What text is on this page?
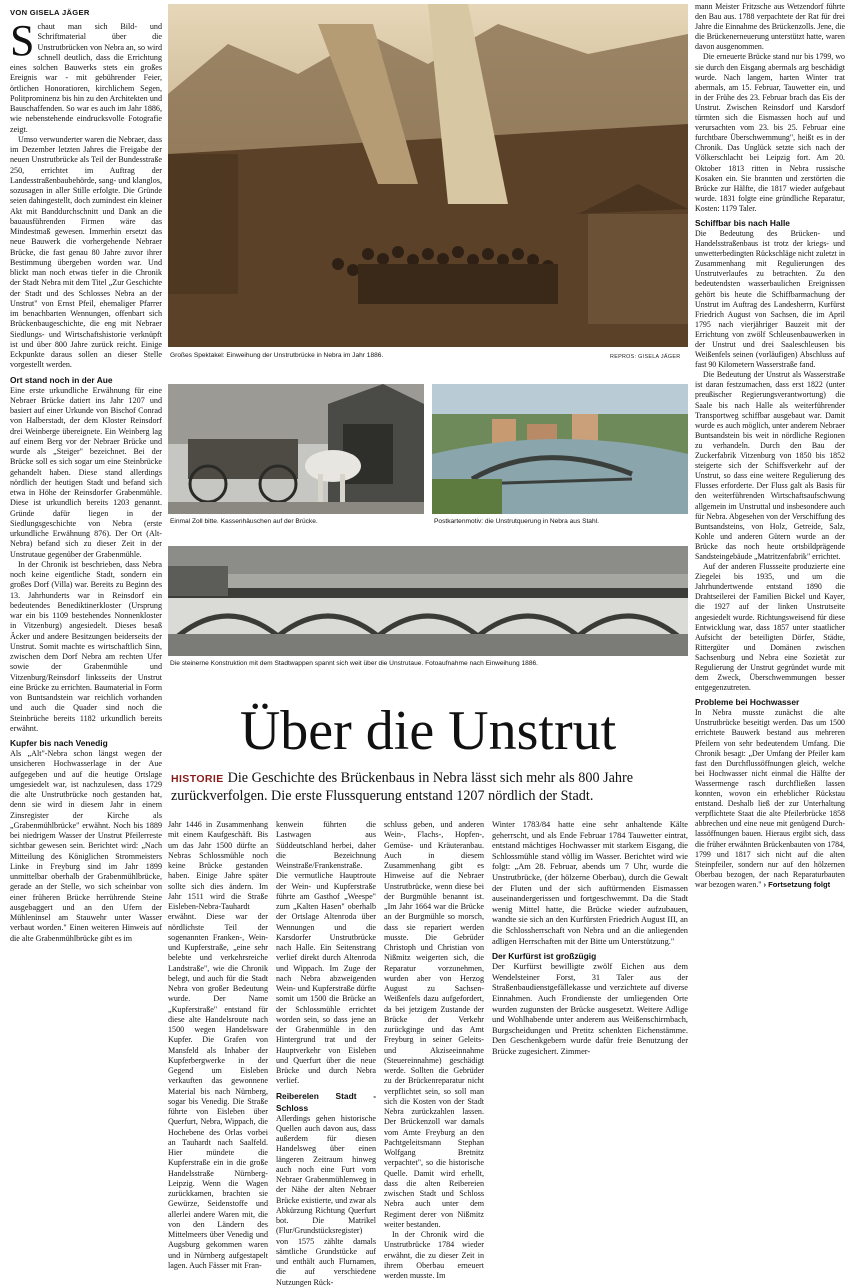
VON GISELA JÄGER

Schaut man sich Bild- und Schriftmaterial über die Unstrutbrücken von Nebra an, so wird schnell deutlich, dass die Errichtung eines solchen Bauwerks stets ein großes Ereignis war - mit gebührender Feier, örtlichen Honoratioren, kirchlichem Segen, Politprominenz bis hin zu den Architekten und Bauschaffenden. So war es auch im Jahr 1886, wie nebenstehende eindrucksvolle Fotografie zeigt.

Umso verwunderter waren die Nebraer, dass im Dezember letzten Jahres die Freigabe der neuen Unstrutbrücke als Teil der Bundesstraße 250, errichtet im Auftrag der Landesstraßenbaubehörde, sang- und klanglos, sozusagen in aller Stille erfolgte. Die Gründe seien dahingestellt, doch zumindest ein kleiner Akt mit Banddurchschnitt und Dank an die bauausführenden Firmen wäre das Mindestmaß gewesen. Immerhin ersetzt das neue Bauwerk die vorhergehende Nebraer Brücke, die fast genau 80 Jahre zuvor ihrer Bestimmung übergeben worden war. Und blickt man noch etwas tiefer in die Chronik der Stadt Nebra mit dem Titel „Zur Geschichte der Stadt und des Schlosses Nebra an der Unstrut" von Ernst Pfeil, ehemaliger Pfarrer im benachbarten Wennungen, offenbart sich Brückenbaugeschichte, die eng mit Nebraer Siedlungs- und Wirtschaftshistorie verknüpft ist und über 800 Jahre zurück reicht. Einige Eckpunkte daraus sollen an dieser Stelle vorgestellt werden.

Ort stand noch in der Aue

Eine erste urkundliche Erwähnung für eine Nebraer Brücke datiert ins Jahr 1207 und basiert auf einer Urkunde von Bischof Conrad von Halberstadt, der dem Kloster Reinsdorf drei Weinberge übereignete. Ein Weinberg lag auf einem Berg vor der Nebraer Brücke und wurde als „Steiger" bezeichnet. Bei der Brücke soll es sich sogar um eine Steinbrücke gehandelt haben. Diese stand allerdings nördlich der heutigen Stadt und befand sich etwa in Höhe der Reinsdorfer Grabenmühle. Diese ist urkundlich bereits 1203 genannt. Gründe dafür liegen in der Siedlungsgeschichte von Nebra (erste urkundliche Erwähnung 876). Der Ort (Alt-Nebra) befand sich zu dieser Zeit in der Unstrutaue gegenüber der Grabenmühle.

In der Chronik ist beschrieben, dass Nebra noch keine eigentliche Stadt, sondern ein großes Dorf (Villa) war. Bereits zu Beginn des 13. Jahrhunderts war in Reinsdorf ein bedeutendes Benediktinerkloster (Ursprung war ein bis 1109 bestehendes Nonnenkloster in Vitzenburg) angesiedelt. Dieses besaß Äcker und andere Besitzungen beiderseits der Unstrut. Somit machte es wirtschaftlich Sinn, zwischen dem Dorf Nebra am rechten Ufer sowie der Grabenmühle und Vitzenburg/Reinsdorf linksseits der Unstrut eine Brücke zu errichten. Baumaterial in Form von Buntsandstein war reichlich vorhanden und auch die Quader sind noch die Steinbrüche bereits 1182 urkundlich bereits erwähnt.

Kupfer bis nach Venedig

Als „Alt"-Nebra schon längst wegen der unsicheren Hochwasserlage in der Aue aufgegeben und auf die heutige Ortslage umgesiedelt war, ist nachzulesen, dass 1729 die alte Unstrutbrücke noch gestanden hat, denn sie wird in diesem Jahr in einem Zinsregister der Kirche als „Grabenmühlbrücke" erwähnt. Noch bis 1889 bei niedrigem Wasser der Unstrut Pfeilerreste sichtbar gewesen sein. Berichtet wird: „Nach Mitteilung des Königlichen Strommeisters Linke in Freyburg sind im Jahr 1899 unmittelbar oberhalb der Grabenmühlbrücke, gerade an der Stelle, wo sich scheinbar von einer früheren Brücke herrührende Steine ausgebaggert und an den Ufern der Mühleninsel am Stauwehr unter Wasser verbaut worden." Einen weiteren Hinweis auf die alte Grabenmühlbrücke gibt es im

Großes Spektakel: Einweihung der Unstrutbrücke in Nebra im Jahr 1886.	REPROS: GISELA JÄGER
Einmal Zoll bitte. Kassenhäuschen auf der Brücke.	Postkartenmotiv: die Unstrutquerung in Nebra aus Stahl.
Die steinerne Konstruktion mit dem Stadtwappen spannt sich weit über die Unstrutaue. Fotoaufnahme nach Einweihung 1886.
Über die Unstrut
HISTORIE Die Geschichte des Brückenbaus in Nebra lässt sich mehr als 800 Jahre zurückverfolgen. Die erste Flussquerung entstand 1207 nördlich der Stadt.

Jahr 1446 in Zusammenhang mit einem Kaufgeschäft. Bis um das Jahr 1500 dürfte an Nebras Schlossmühle noch keine Brücke gestanden haben. Einige Jahre später sollte sich dies ändern. Im Jahr 1511 wird die Straße Eisleben-Nebra-Tauhardt erwähnt. Diese war der nördlichste Teil der sogenannten Franken-, Wein- und Kupferstraße, „eine sehr belebte und verkehrsreiche Landstraße", wie die Chronik belegt, und auch für die Stadt Nebra von großer Bedeutung wurde. Der Name „Kupferstraße" entstand für diese alte Handelsroute nach 1500 wegen Handelsware Kupfer. Die Grafen von Mansfeld als Inhaber der Kupferbergwerke in der Gegend um Eisleben verkauften das gewonnene Material bis nach Nürnberg, sogar bis Venedig. Die Straße führte von Eisleben über Querfurt, Nebra, Wippach, die Hochebene des Orlas vorbei an Tauhardt nach Saalfeld. Hier mündete die Kupferstraße ein in die große Handelsstraße Nürnberg-Leipzig. Wenn die Wagen zurückkamen, brachten sie Gewürze, Seidenstoffe und allerlei andere Waren mit, die von den Ländern des Mittelmeers über Venedig und Augsburg gekommen waren und in Nürnberg aufgestapelt lagen. Auch Fässer mit Fran-

kenwein führten die Lastwagen aus Süddeutschland herbei, daher die Bezeichnung Weinstraße/Frankenstraße. Die vermutliche Hauptroute der Wein- und Kupferstraße führte am Gasthof „Weespe" zum „Kalten Hasen" oberhalb der Ortslage Altenroda über Wennungen und die Karsdorfer Unstrutbrücke nach Halle. Ein Seitenstrang verlief direkt durch Altenroda und Wippach. Im Zuge der nach Nebra abzweigenden Wein- und Kupferstraße dürfte somit um 1500 die Brücke an der Schlossmühle errichtet worden sein, so dass jene an der Grabenmühle in den Hintergrund trat und der Hauptverkehr von Eisleben und Querfurt über die neue Brücke und durch Nebra verlief.

Reiberelen Stadt - Schloss

Allerdings gehen historische Quellen auch davon aus, dass außerdem für diesen Handelsweg über einen längeren Zeitraum hinweg auch noch eine Furt vom Nebraer Grabenmühlenweg in der Nähe der alten Nebraer Brücke existierte, und zwar als Abkürzung Richtung Querfurt bot. Die Matrikel (Flur/Grundstücksregister) von 1575 zählte damals sämtliche Grundstücke auf und enthält auch Flurnamen, die auf verschiedene Nutzungen Rück-

schluss geben, und anderen Wein-, Flachs-, Hopfen-, Gemüse- und Kräuteranbau. Auch in diesem Zusammenhang gibt es Hinweise auf die Nebraer Unstrutbrücke, wenn diese bei der Burgmühle benannt ist. „Im Jahr 1664 war die Brücke an der Burgmühle so morsch, dass sie repariert werden musste. Die Gebrüder Christoph und Christian von Nißmitz weigerten sich, die Reparatur vorzunehmen, wurden aber von Herzog August zu Sachsen-Weißenfels dazu aufgefordert, da bei jetzigem Zustande der Brücke der Verkehr zurückginge und das Amt Freyburg in seiner Geleits- und Akziseeinnahme (Steuereinnahme) geschädigt werde. Sollten die Gebrüder zu der Brückenreparatur nicht verpflichtet sein, so soll man sich die Kosten von der Stadt Nebra zurückzahlen lassen. Der Brückenzoll war damals vom Amte Freyburg an den Pachtgeleitsmann Stephan Wolfgang Bretnitz verpachtet", so die historische Quelle. Damit wird erhellt, dass die alten Reibereien zwischen Stadt und Schloss Nebra auch unter dem Regiment derer von Nißmitz weiter bestanden.

In der Chronik wird die Unstrutbrücke 1784 wieder erwähnt, die zu dieser Zeit in ihrem Oberbau erneuert werden musste. Im

Winter 1783/84 hatte eine sehr anhaltende Kälte geherrscht, und als Ende Februar 1784 Tauwetter eintrat, entstand mächtiges Hochwasser mit starkem Eisgang, die Schlossmühle stand völlig im Wasser. Berichtet wird wie folgt: „Am 28. Februar, abends um 7 Uhr, wurde die Unstrutbrücke, (der hölzerne Oberbau), durch die Gewalt der Fluten und der sich auftürmenden Eismassen auseinandergerissen und fortgeschwemmt. Da die Stadt wenig Mittel hatte, die Brücke wieder aufzubauen, wandte sie sich an den Kurfürsten Friedrich August III, an die Schlossherrschaft von Nebra und an die anliegenden adligen Herrschaften mit der Bitte um Unterstützung."

Der Kurfürst ist großzügig

Der Kurfürst bewilligte zwölf Eichen aus dem Wendelsteiner Forst, 31 Taler aus der Straßenbaudienstgefällekasse und verzichtete auf diverse Einnahmen. Auch Frondienste der umliegenden Orte wurden zugunsten der Brücke ausgesetzt. Weitere Adlige und Wohlhabende unter anderem aus Weißenschirmbach, Burgscheidungen und Pretitz schenkten Eichenstämme. Den Geschenkgebern wurde dafür freie Benutzung der Brücke zugesichert. Zimmer-

mann Meister Fritzsche aus Wetzendorf führte den Bau aus. 1788 verpachtete der Rat für drei Jahre die Einnahme des Brückenzolls. Jene, die die Brückenerneuerung unterstützt hatte, waren davon ausgenommen.

Die erneuerte Brücke stand nur bis 1799, wo sie durch den Eisgang abermals arg beschädigt wurde. Nach langem, harten Winter trat abermals, am 15. Februar, Tauwetter ein, und in der Frühe des 23. Februar brach das Eis der Unstrut. Zwischen Reinsdorf und Karsdorf türmten sich die Eismassen hoch auf und verursachten vom 23. bis 25. Februar eine furchtbare Überschwemmung", heißt es in der Chronik. Das Unglück setzte sich nach der Völkerschlacht bei Leipzig fort. Am 20. Oktober 1813 ritten in Nebra russische Kosaken ein. Sie brannten und zerstörten die Brücke zur Hälfte, die 1817 wieder aufgebaut wurde. 1831 folgte eine gründliche Reparatur, Kosten: 1179 Taler.

Schiffbar bis nach Halle

Die Bedeutung des Brücken- und Handelsstraßenbaus ist trotz der kriegs- und unwetterbedingten Rückschläge nicht zuletzt in Zusammenhang mit Regulierungen des Unstrutverlaufes zu betrachten. Zu den bedeutendsten wasserbaulichen Ereignissen gehört bis heute die Schiffbarmachung der Unstrut im Auftrag des Landesherrn, Kurfürst Friedrich August von Sachsen, die im April 1795 nach vierjähriger Bauzeit mit der Errichtung von zwölf Schleusenbauwerken in der Unstrut und drei Saaleschleusen bis Weißenfels seinen (vorläufigen) Abschluss auf fast 90 Kilometern Wasserstraße fand.

Die Bedeutung der Unstrut als Wasserstraße ist daran festzumachen, dass erst 1822 (unter preußischer Regierungsverantwortung) die Saale bis nach Halle als weiterführender Transportweg schiffbar ausgebaut war. Damit wurde es auch möglich, unter anderem Nebraer Buntsandstein bis weit in nördliche Regionen zu verhandeln. Durch den Bau der Zuckerfabrik Vitzenburg von 1850 bis 1852 steigerte sich der Schiffsverkehr auf der Unstrut, so dass eine weitere Regulierung des Flusses erforderte. Der Fluss galt als Basis für den weiterführenden Wirtschaftsaufschwung allgemein im Unstruttal und insbesondere auch für Nebra. Abgesehen von der Verschiffung des Buntsandsteins, von Holz, Getreide, Salz, Kohle und anderen Gütern wurde an der Brücke das noch heute ortsbildprägende Sandsteingebäude „Matritzenfabrik" errichtet.

Auf der anderen Flussseite produzierte eine Ziegelei bis 1935, und um die Jahrhundertwende entstand 1890 die Drahtseilerei der Familien Bickel und Kayer, die 1927 auf der linken Unstrutseite angesiedelt wurde. Richtungsweisend für diese Entwicklung war, dass 1857 unter staatlicher Aufsicht der beteiligten Dörfer, Städte, Rittergüter und Domänen zwischen Sachsenburg und Nebra eine Sozietät zur Regulierung der Unstrut gegründet wurde mit dem Zweck, Überschwemmungen besser entgegenzutreten.

Probleme bei Hochwasser

In Nebra musste zunächst die alte Unstrutbrücke beseitigt werden. Das um 1500 errichtete Bauwerk bestand aus mehreren Pfeilern von sehr bedeutendem Umfang. Die Chronik besagt: „Der Umfang der Pfeiler kam fast den Durchflussöffnungen gleich, welche bei Hochwasser nicht einmal die Hälfte der Wassermenge rasch durchfließen lassen konnten, wovon ein erheblicher Rückstau entstand. Deshalb ließ der zur Unterhaltung verpflichtete Staat die alte Pfeilerbrücke 1858 abbrechen und eine neue mit genügend Durch-lassöffnungen bauen. Hieraus ergibt sich, dass die früher erwähnten Brückenbauten von 1784, 1799 und 1817 sich nicht auf die alten Steinpfeiler, sondern nur auf den hölzernen Oberbau bezogen, der nach Reparaturbauten war bezogen waren." › Fortsetzung folgt
